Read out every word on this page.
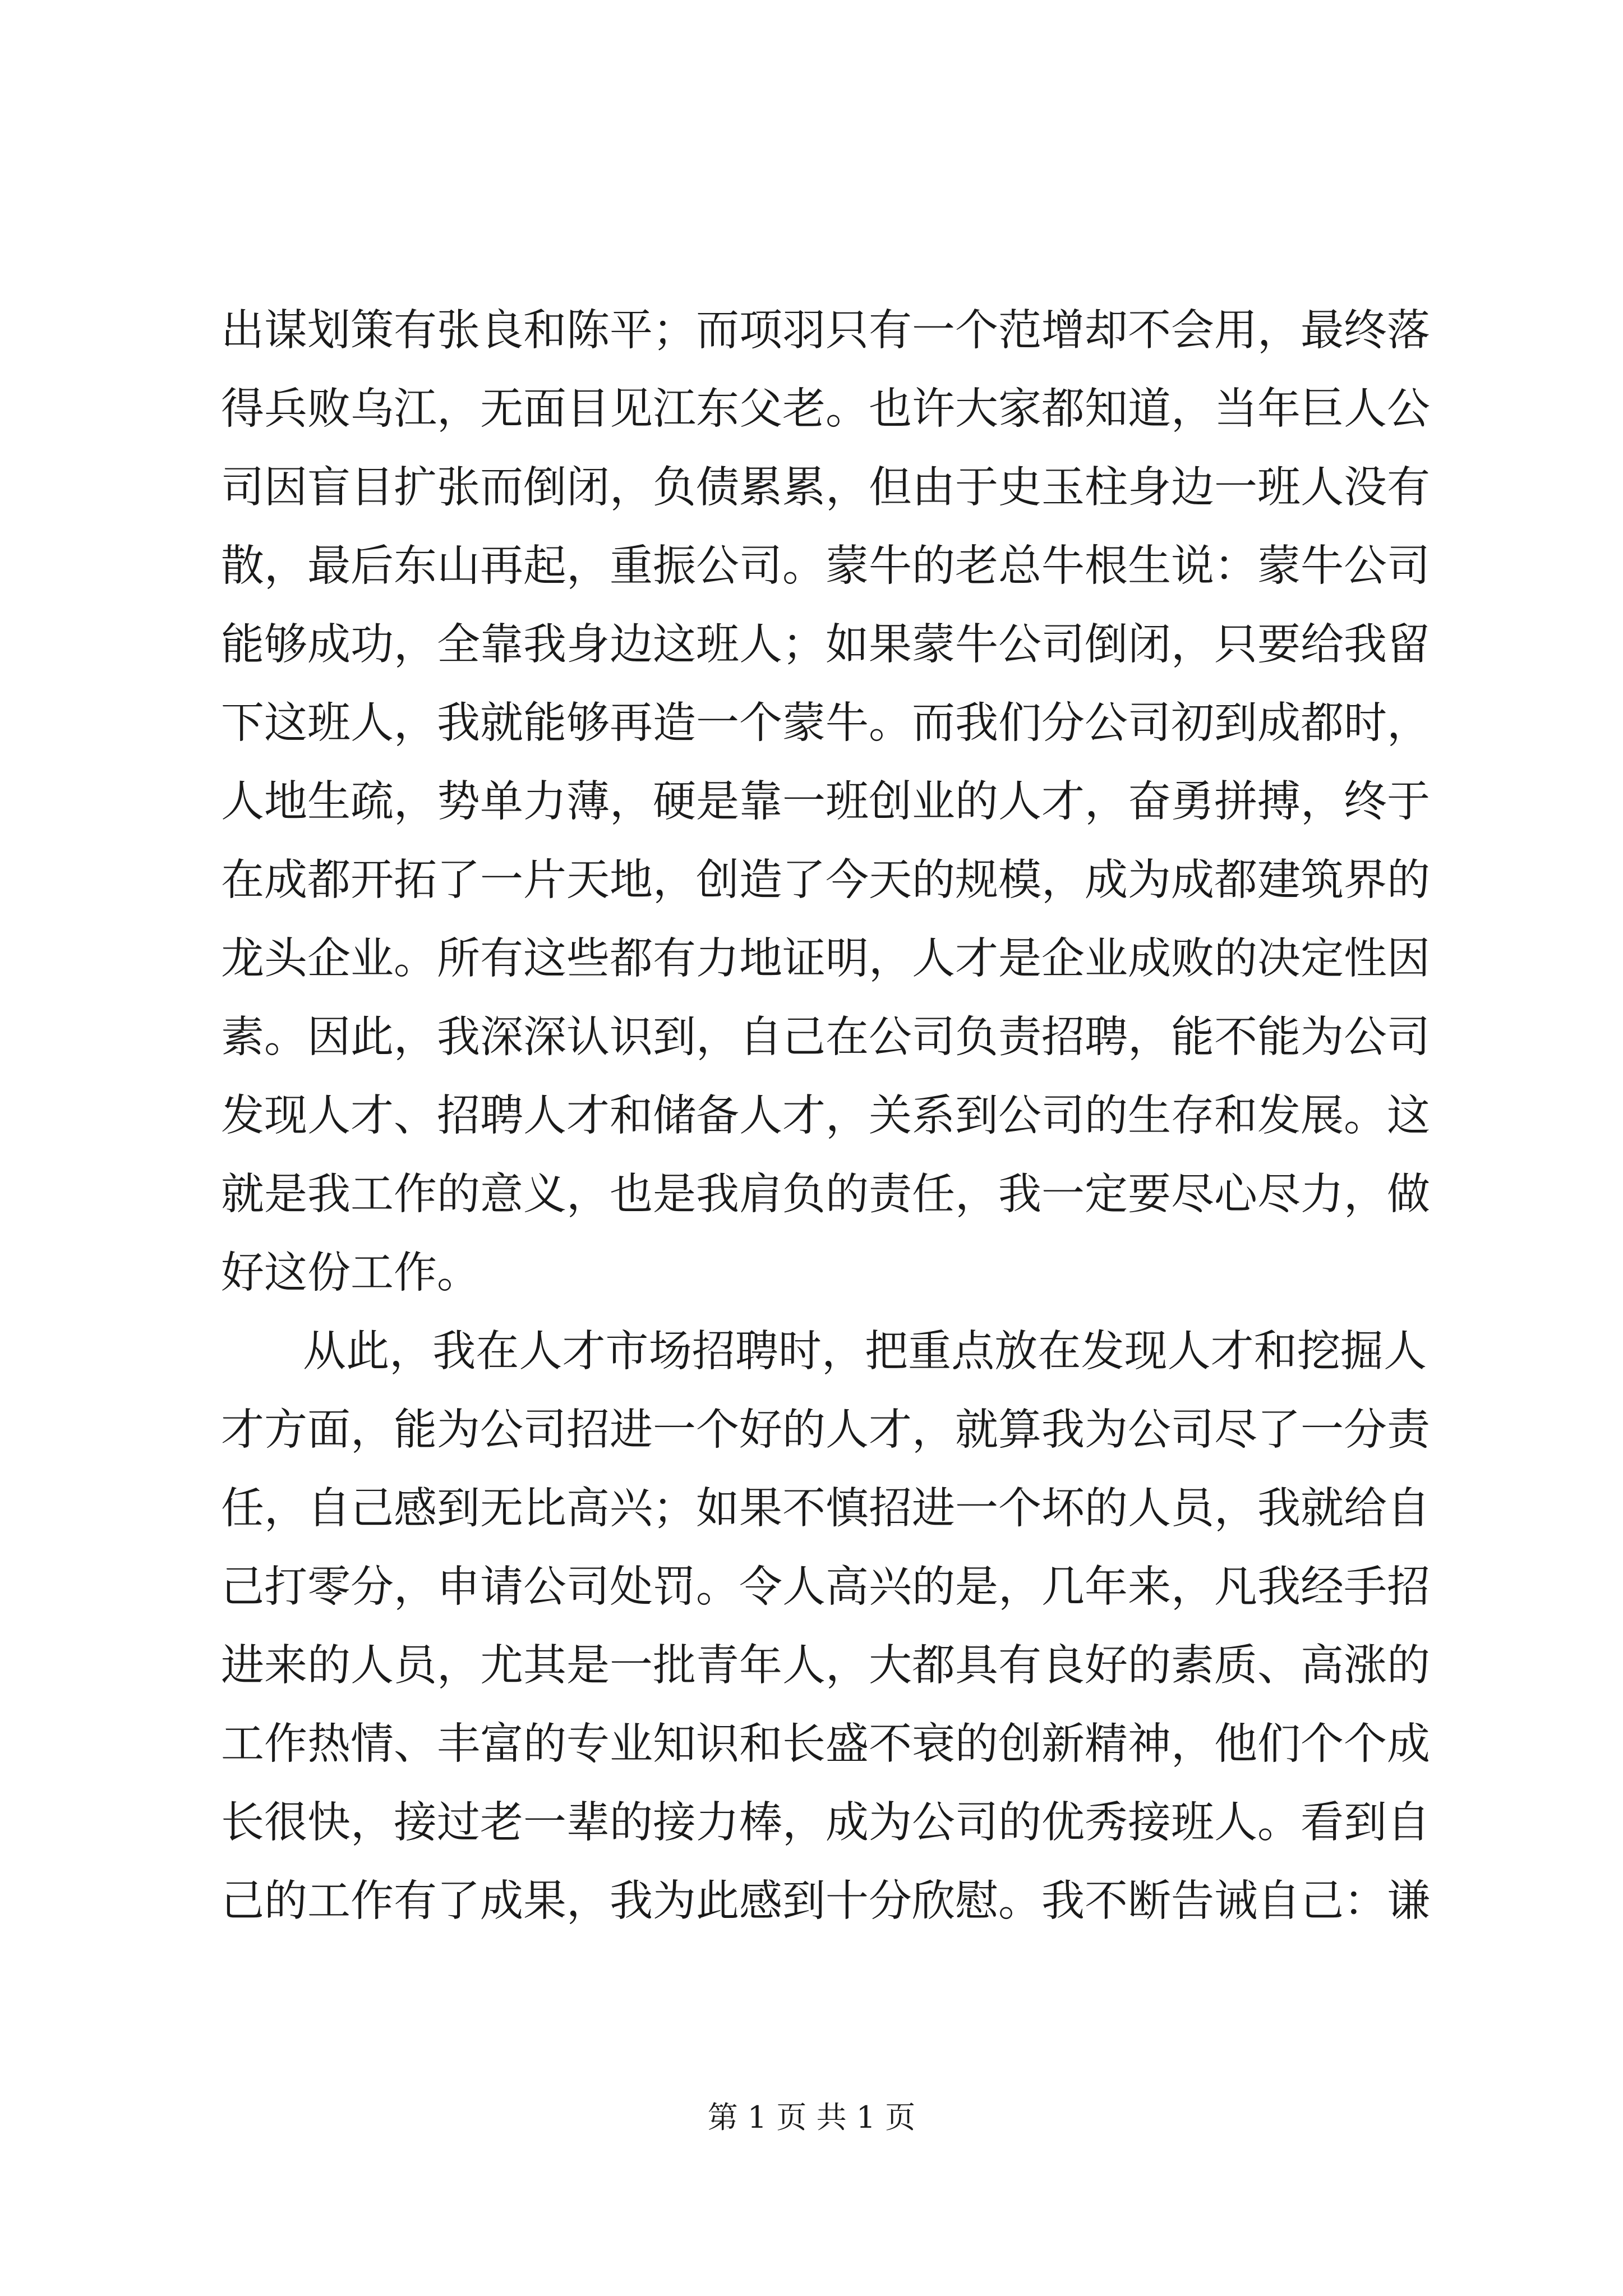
出谋划策有张良和陈平；而项羽只有一个范增却不会用，最终落
得兵败乌江，无面目见江东父老。也许大家都知道，当年巨人公
司因盲目扩张而倒闭，负债累累，但由于史玉柱身边一班人没有
散，最后东山再起，重振公司。蒙牛的老总牛根生说：蒙牛公司
能够成功，全靠我身边这班人；如果蒙牛公司倒闭，只要给我留
下这班人，我就能够再造一个蒙牛。而我们分公司初到成都时，
人地生疏，势单力薄，硬是靠一班创业的人才，奋勇拼搏，终于
在成都开拓了一片天地，创造了今天的规模，成为成都建筑界的
龙头企业。所有这些都有力地证明，人才是企业成败的决定性因
素。因此，我深深认识到，自己在公司负责招聘，能不能为公司
发现人才、招聘人才和储备人才，关系到公司的生存和发展。这
就是我工作的意义，也是我肩负的责任，我一定要尽心尽力，做
好这份工作。
从此，我在人才市场招聘时，把重点放在发现人才和挖掘人
才方面，能为公司招进一个好的人才，就算我为公司尽了一分责
任，自己感到无比高兴；如果不慎招进一个坏的人员，我就给自
己打零分，申请公司处罚。令人高兴的是，几年来，凡我经手招
进来的人员，尤其是一批青年人，大都具有良好的素质、高涨的
工作热情、丰富的专业知识和长盛不衰的创新精神，他们个个成
长很快，接过老一辈的接力棒，成为公司的优秀接班人。看到自
己的工作有了成果，我为此感到十分欣慰。我不断告诫自己：谦
第 1 页 共 1 页
